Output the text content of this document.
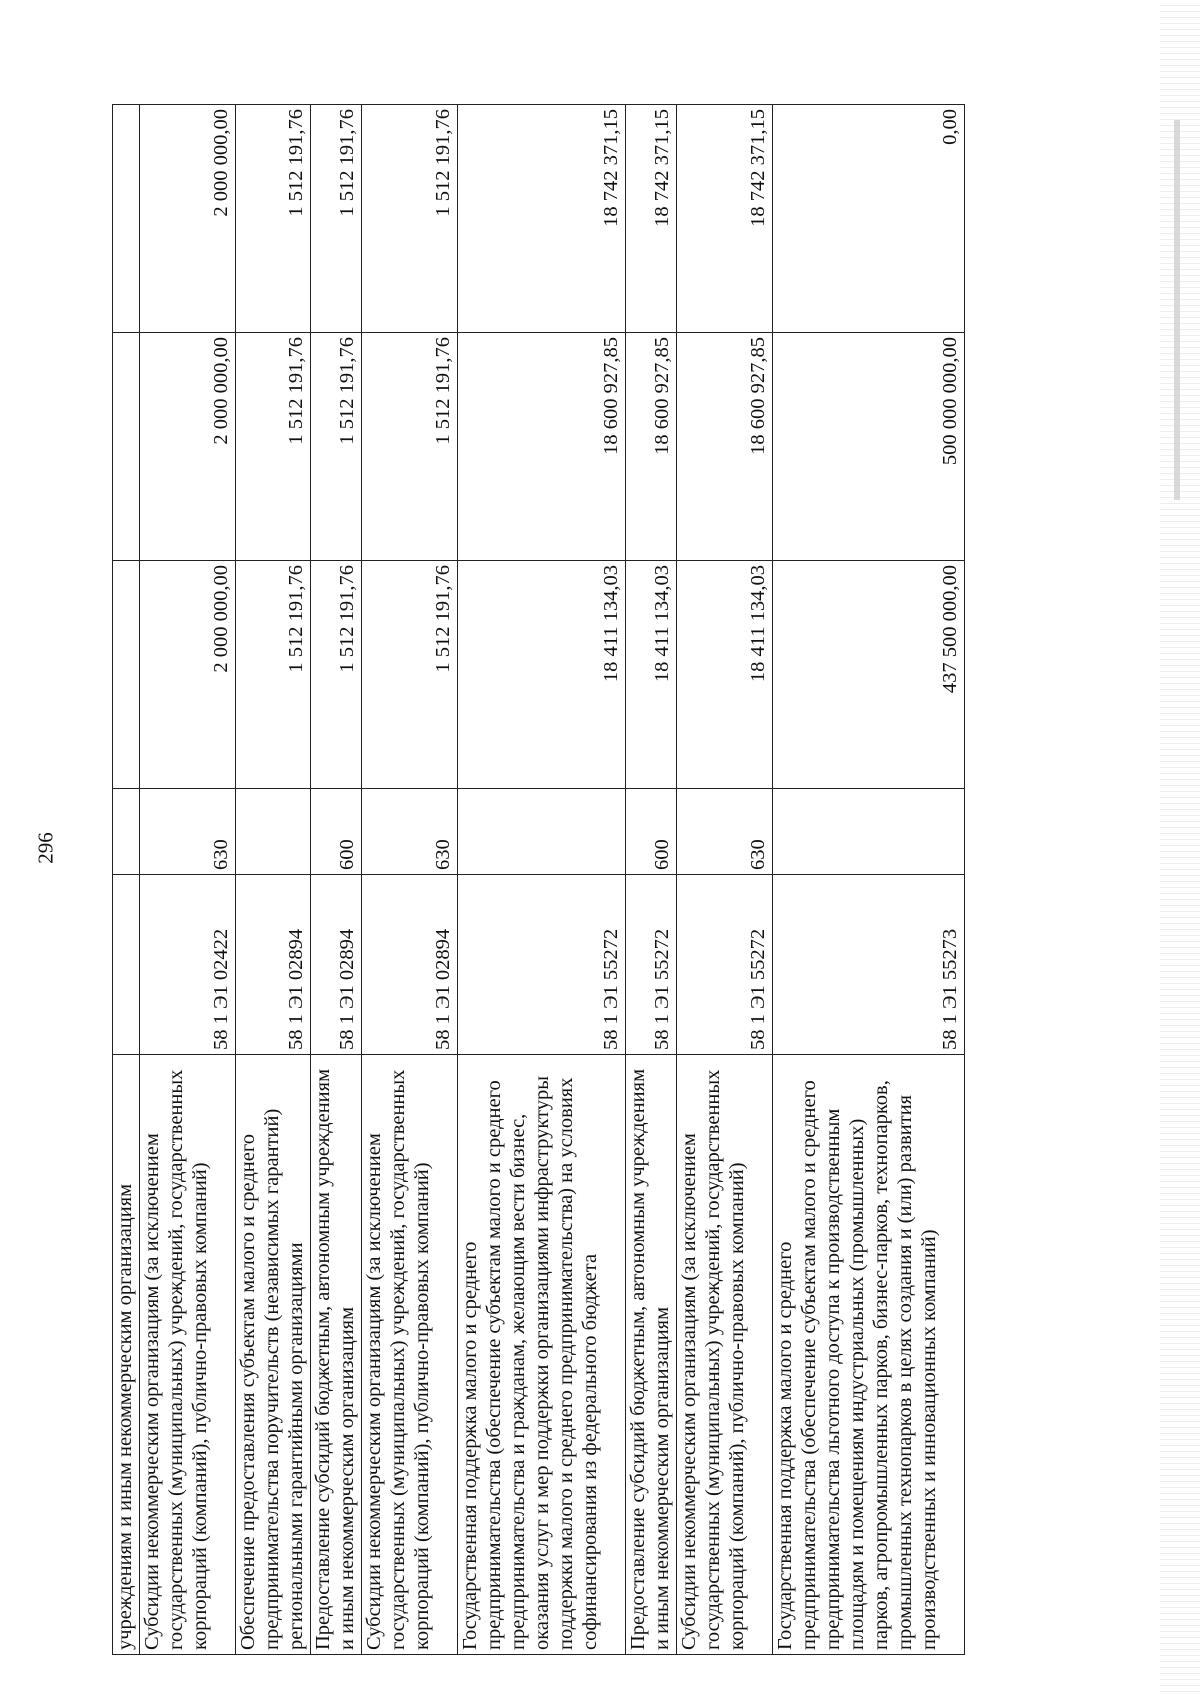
296
учреждениям и иным некоммерческим организациям					
Субсидии некоммерческим организациям (за исключением государственных (муниципальных) учреждений, государственных корпораций (компаний), публично-правовых компаний)	58 1 Э1 02422	630	2 000 000,00	2 000 000,00	2 000 000,00
Обеспечение предоставления субъектам малого и среднего предпринимательства поручительств (независимых гарантий) региональными гарантийными организациями	58 1 Э1 02894		1 512 191,76	1 512 191,76	1 512 191,76
Предоставление субсидий бюджетным, автономным учреждениям и иным некоммерческим организациям	58 1 Э1 02894	600	1 512 191,76	1 512 191,76	1 512 191,76
Субсидии некоммерческим организациям (за исключением государственных (муниципальных) учреждений, государственных корпораций (компаний), публично-правовых компаний)	58 1 Э1 02894	630	1 512 191,76	1 512 191,76	1 512 191,76
Государственная поддержка малого и среднего предпринимательства (обеспечение субъектам малого и среднего предпринимательства и гражданам, желающим вести бизнес, оказания услуг и мер поддержки организациями инфраструктуры поддержки малого и среднего предпринимательства) на условиях софинансирования из федерального бюджета	58 1 Э1 55272		18 411 134,03	18 600 927,85	18 742 371,15
Предоставление субсидий бюджетным, автономным учреждениям и иным некоммерческим организациям	58 1 Э1 55272	600	18 411 134,03	18 600 927,85	18 742 371,15
Субсидии некоммерческим организациям (за исключением государственных (муниципальных) учреждений, государственных корпораций (компаний), публично-правовых компаний)	58 1 Э1 55272	630	18 411 134,03	18 600 927,85	18 742 371,15
Государственная поддержка малого и среднего предпринимательства (обеспечение субъектам малого и среднего предпринимательства льготного доступа к производственным площадям и помещениям индустриальных (промышленных) парков, агропромышленных парков, бизнес-парков, технопарков, промышленных технопарков в целях создания и (или) развития производственных и инновационных компаний)	58 1 Э1 55273		437 500 000,00	500 000 000,00	0,00
